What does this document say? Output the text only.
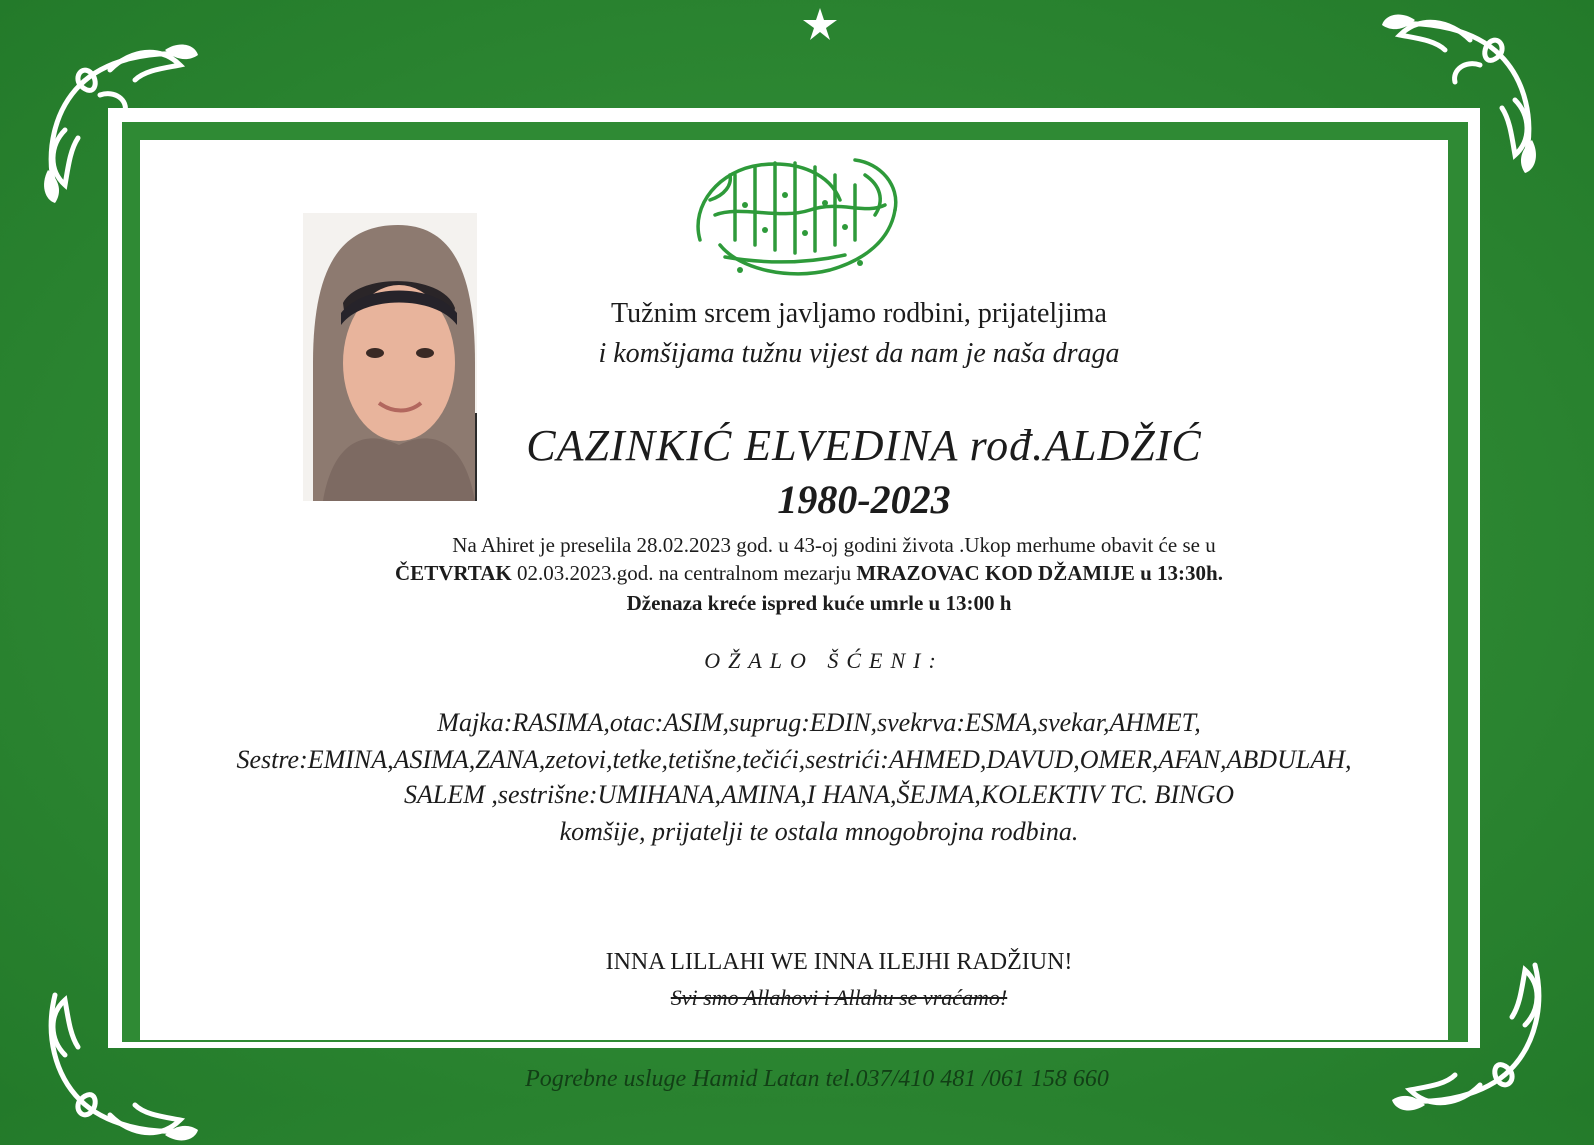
Tužnim srcem javljamo rodbini, prijateljima
i komšijama tužnu vijest da nam je naša draga
CAZINKIĆ ELVEDINA rođ.ALDŽIĆ
1980-2023
Na Ahiret je preselila 28.02.2023 god. u 43-oj godini života .Ukop merhume obavit će se u
ČETVRTAK 02.03.2023.god. na centralnom mezarju MRAZOVAC KOD DŽAMIJE u 13:30h.
Dženaza kreće ispred kuće umrle u 13:00 h
OŽALO ŠĆENI:
Majka:RASIMA,otac:ASIM,suprug:EDIN,svekrva:ESMA,svekar,AHMET,
Sestre:EMINA,ASIMA,ZANA,zetovi,tetke,tetišne,tečići,sestrići:AHMED,DAVUD,OMER,AFAN,ABDULAH,
SALEM ,sestrišne:UMIHANA,AMINA,I HANA,ŠEJMA,KOLEKTIV TC. BINGO
komšije, prijatelji te ostala mnogobrojna rodbina.
INNA LILLAHI WE INNA ILEJHI RADŽIUN!
Svi smo Allahovi i Allahu se vraćamo!
Pogrebne usluge Hamid Latan tel.037/410 481 /061 158 660
